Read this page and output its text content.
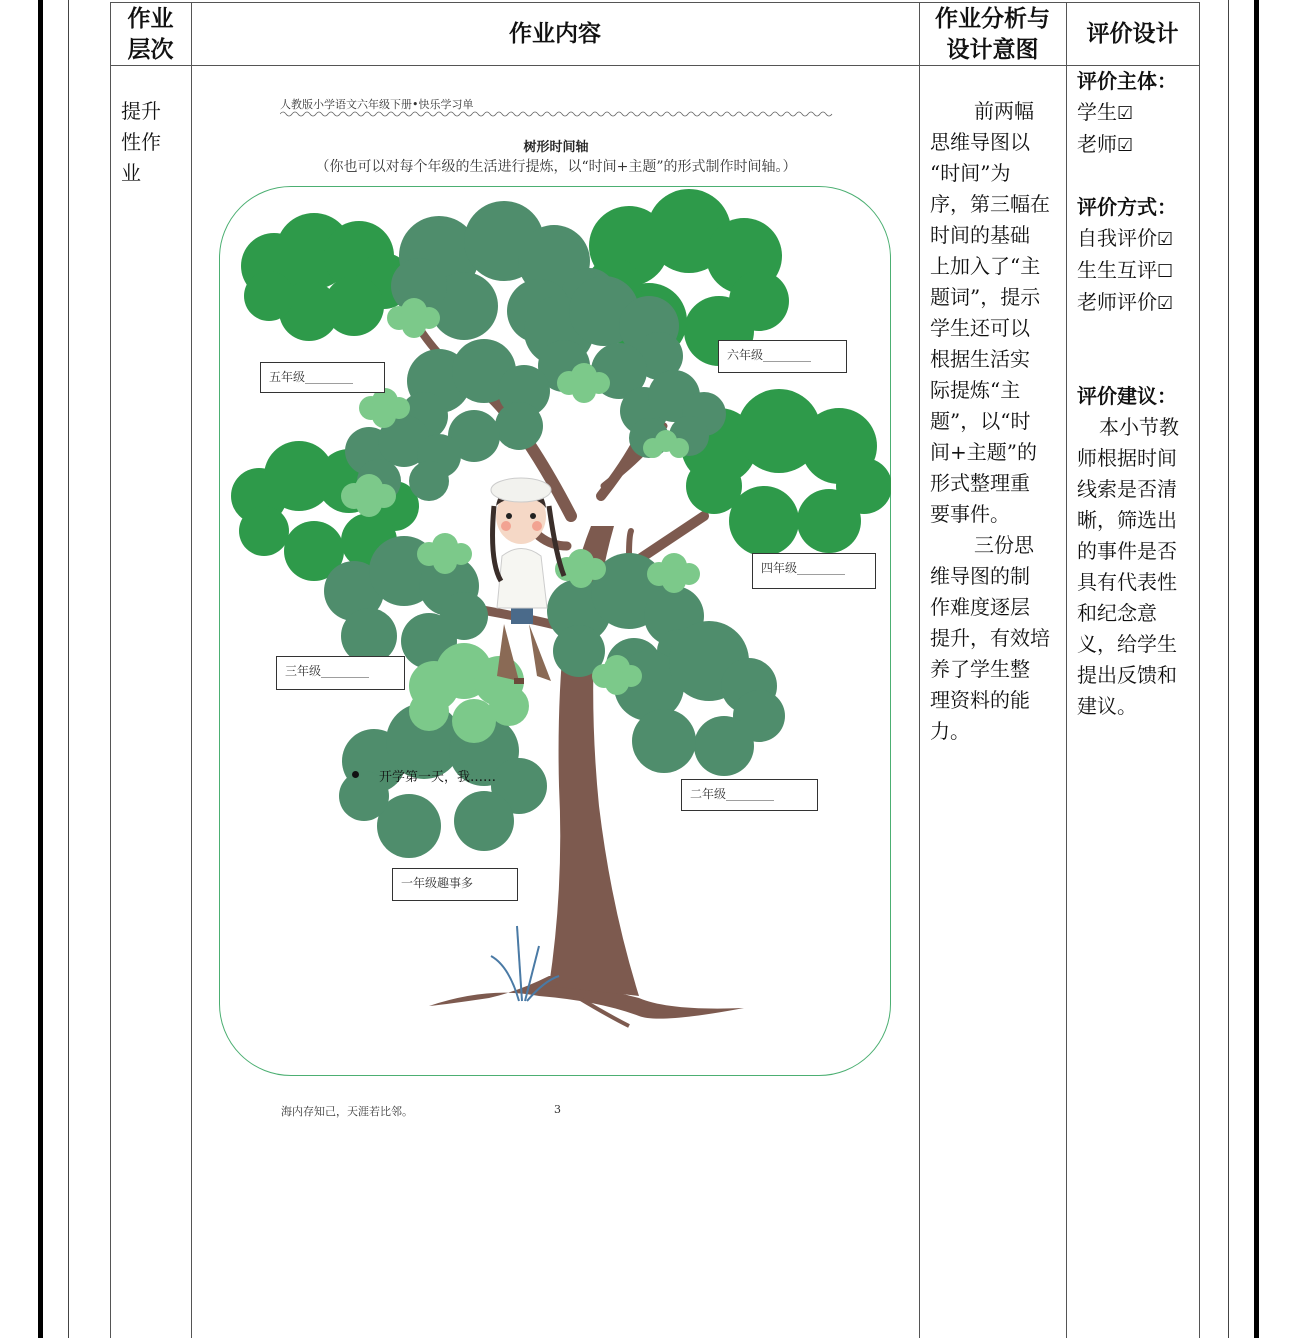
作业
层次
作业内容
作业分析与
设计意图
评价设计
提升
性作
业
前两幅
思维导图以
“时间”为
序，第三幅在
时间的基础
上加入了“主
题词”，提示
学生还可以
根据生活实
际提炼“主
题”，以“时
间+主题”的
形式整理重
要事件。
三份思
维导图的制
作难度逐层
提升，有效培
养了学生整
理资料的能
力。
评价主体：
学生☑
老师☑
评价方式：
自我评价☑
生生互评☐
老师评价☑
评价建议：
本小节教
师根据时间
线索是否清
晰，筛选出
的事件是否
具有代表性
和纪念意
义，给学生
提出反馈和
建议。
人教版小学语文六年级下册•快乐学习单
树形时间轴
（你也可以对每个年级的生活进行提炼，以“时间+主题”的形式制作时间轴。）
五年级________
六年级________
四年级________
三年级________
二年级________
一年级趣事多
开学第一天，我……
海内存知己，天涯若比邻。	3
